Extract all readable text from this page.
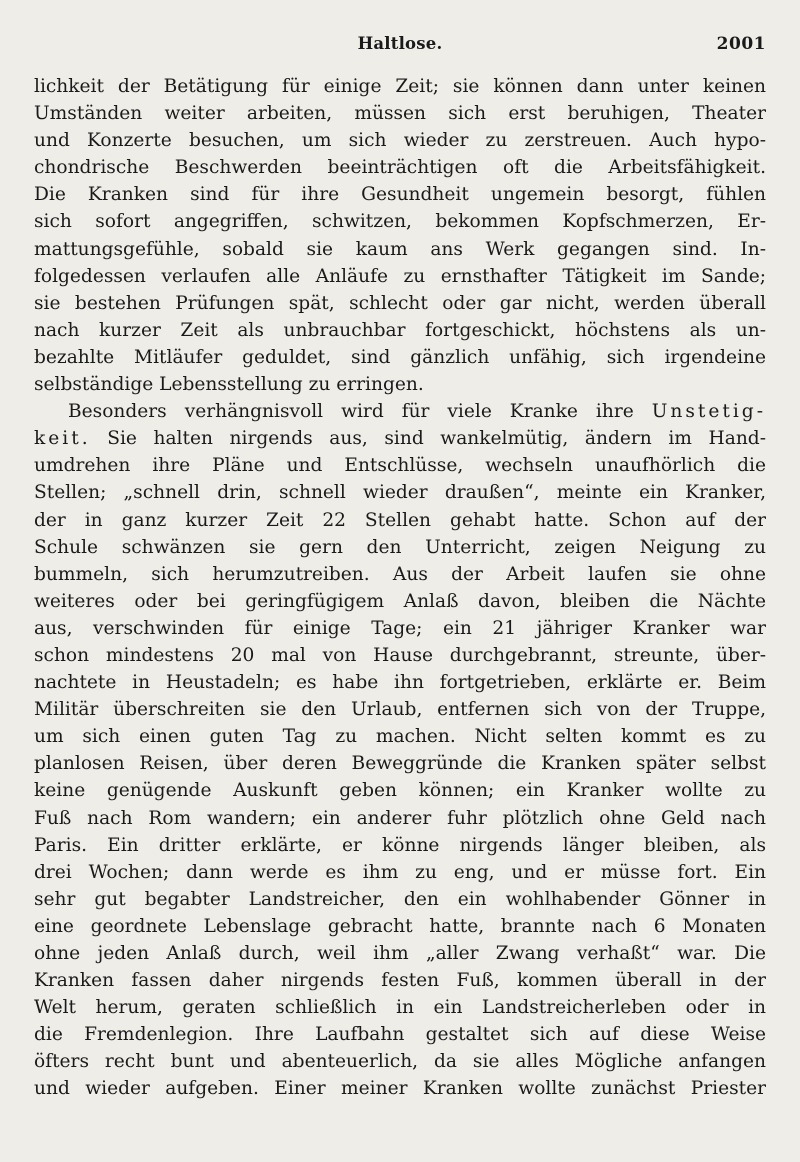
Haltlose.	2001
lichkeit der Betätigung für einige Zeit; sie können dann unter keinen
Umständen weiter arbeiten, müssen sich erst beruhigen, Theater
und Konzerte besuchen, um sich wieder zu zerstreuen. Auch hypo-
chondrische Beschwerden beeinträchtigen oft die Arbeitsfähigkeit.
Die Kranken sind für ihre Gesundheit ungemein besorgt, fühlen
sich sofort angegriffen, schwitzen, bekommen Kopfschmerzen, Er-
mattungsgefühle, sobald sie kaum ans Werk gegangen sind. In-
folgedessen verlaufen alle Anläufe zu ernsthafter Tätigkeit im Sande;
sie bestehen Prüfungen spät, schlecht oder gar nicht, werden überall
nach kurzer Zeit als unbrauchbar fortgeschickt, höchstens als un-
bezahlte Mitläufer geduldet, sind gänzlich unfähig, sich irgendeine
selbständige Lebensstellung zu erringen.
Besonders verhängnisvoll wird für viele Kranke ihre Unstetig-
keit. Sie halten nirgends aus, sind wankelmütig, ändern im Hand-
umdrehen ihre Pläne und Entschlüsse, wechseln unaufhörlich die
Stellen; „schnell drin, schnell wieder draußen“, meinte ein Kranker,
der in ganz kurzer Zeit 22 Stellen gehabt hatte. Schon auf der
Schule schwänzen sie gern den Unterricht, zeigen Neigung zu
bummeln, sich herumzutreiben. Aus der Arbeit laufen sie ohne
weiteres oder bei geringfügigem Anlaß davon, bleiben die Nächte
aus, verschwinden für einige Tage; ein 21 jähriger Kranker war
schon mindestens 20 mal von Hause durchgebrannt, streunte, über-
nachtete in Heustadeln; es habe ihn fortgetrieben, erklärte er. Beim
Militär überschreiten sie den Urlaub, entfernen sich von der Truppe,
um sich einen guten Tag zu machen. Nicht selten kommt es zu
planlosen Reisen, über deren Beweggründe die Kranken später selbst
keine genügende Auskunft geben können; ein Kranker wollte zu
Fuß nach Rom wandern; ein anderer fuhr plötzlich ohne Geld nach
Paris. Ein dritter erklärte, er könne nirgends länger bleiben, als
drei Wochen; dann werde es ihm zu eng, und er müsse fort. Ein
sehr gut begabter Landstreicher, den ein wohlhabender Gönner in
eine geordnete Lebenslage gebracht hatte, brannte nach 6 Monaten
ohne jeden Anlaß durch, weil ihm „aller Zwang verhaßt“ war. Die
Kranken fassen daher nirgends festen Fuß, kommen überall in der
Welt herum, geraten schließlich in ein Landstreicherleben oder in
die Fremdenlegion. Ihre Laufbahn gestaltet sich auf diese Weise
öfters recht bunt und abenteuerlich, da sie alles Mögliche anfangen
und wieder aufgeben. Einer meiner Kranken wollte zunächst Priester
